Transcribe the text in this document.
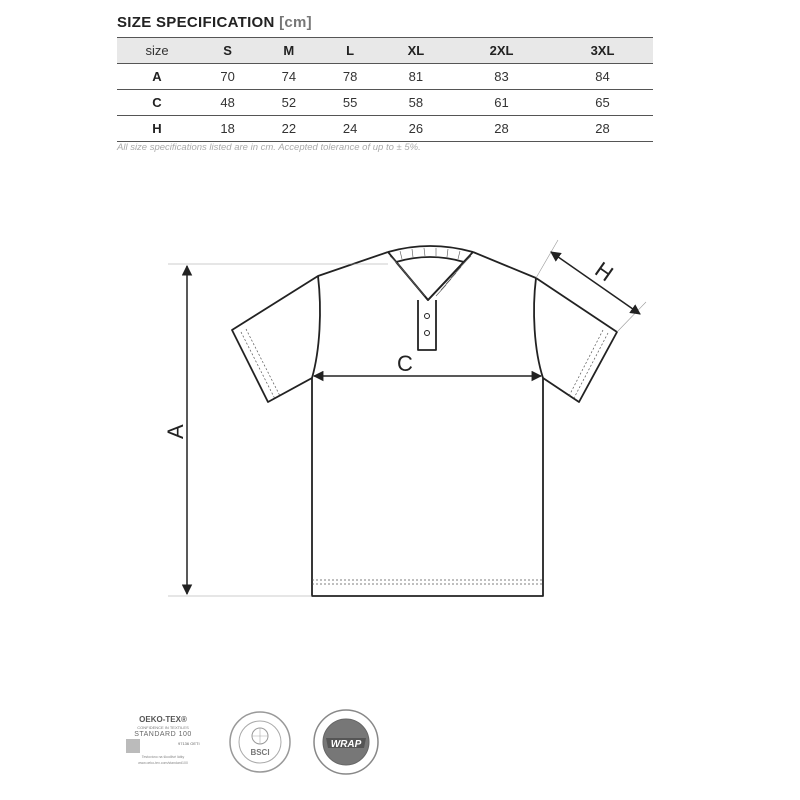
SIZE SPECIFICATION [cm]
size	S	M	L	XL	2XL	3XL
A	70	74	78	81	83	84
C	48	52	55	58	61	65
H	18	22	24	26	28	28
All size specifications listed are in cm. Accepted tolerance of up to ± 5%.
A
C
H
OEKO-TEX®
CONFIDENCE IN TEXTILES
STANDARD 100
97136 OETI
Testováno na škodlivé látky
www.oeko-tex.com/standard100
BSCI
WRAP
